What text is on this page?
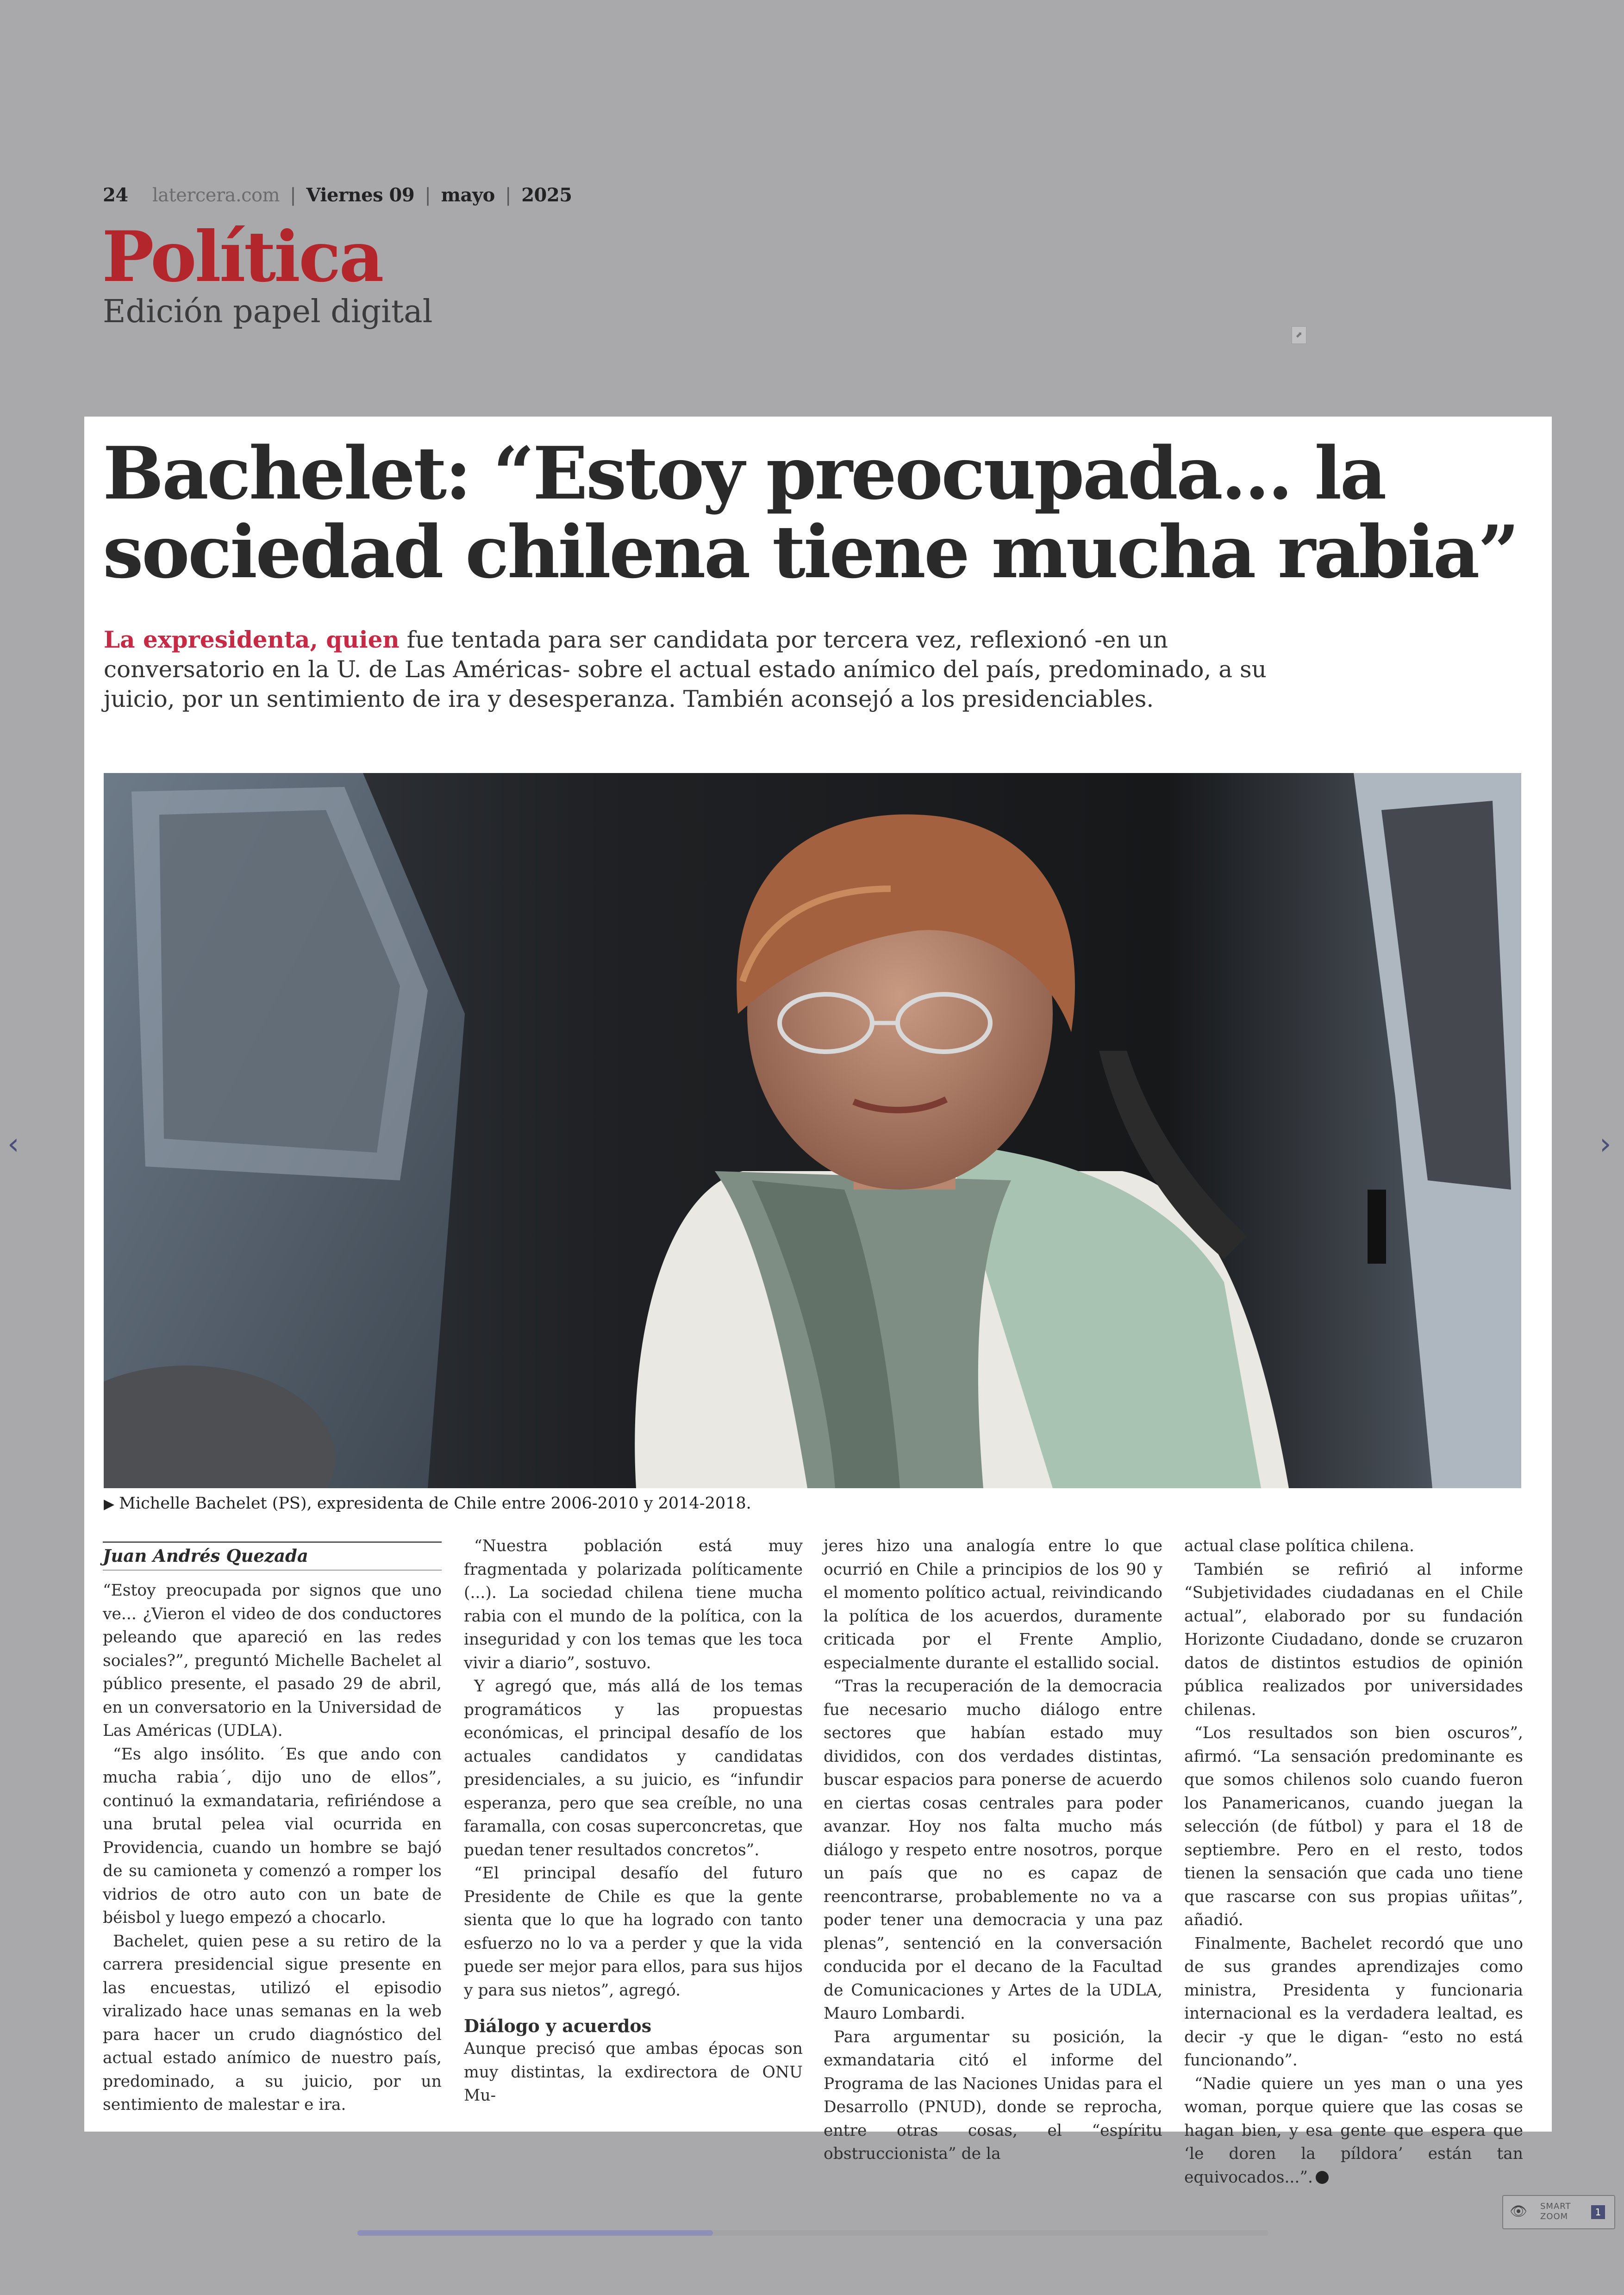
24 latercera.com | Viernes 09 | mayo | 2025
Política
Edición papel digital
⬈
Bachelet: “Estoy preocupada... la
sociedad chilena tiene mucha rabia”

La expresidenta, quien fue tentada para ser candidata por tercera vez, reflexionó -en un conversatorio en la U. de Las Américas- sobre el actual estado anímico del país, predominado, a su juicio, por un sentimiento de ira y desesperanza. También aconsejó a los presidenciables.

▶ Michelle Bachelet (PS), expresidenta de Chile entre 2006-2010 y 2014-2018.

Juan Andrés Quezada

“Estoy preocupada por signos que uno ve... ¿Vieron el video de dos conductores peleando que apareció en las redes sociales?”, preguntó Michelle Bachelet al público presente, el pasado 29 de abril, en un conversatorio en la Universidad de Las Américas (UDLA).

“Es algo insólito. ´Es que ando con mucha rabia´, dijo uno de ellos”, continuó la exmandataria, refiriéndose a una brutal pelea vial ocurrida en Providencia, cuando un hombre se bajó de su camioneta y comenzó a romper los vidrios de otro auto con un bate de béisbol y luego empezó a chocarlo.

Bachelet, quien pese a su retiro de la carrera presidencial sigue presente en las encuestas, utilizó el episodio viralizado hace unas semanas en la web para hacer un crudo diagnóstico del actual estado anímico de nuestro país, predominado, a su juicio, por un sentimiento de malestar e ira.

“Nuestra población está muy fragmentada y polarizada políticamente (...). La sociedad chilena tiene mucha rabia con el mundo de la política, con la inseguridad y con los temas que les toca vivir a diario”, sostuvo.

Y agregó que, más allá de los temas programáticos y las propuestas económicas, el principal desafío de los actuales candidatos y candidatas presidenciales, a su juicio, es “infundir esperanza, pero que sea creíble, no una faramalla, con cosas superconcretas, que puedan tener resultados concretos”.

“El principal desafío del futuro Presidente de Chile es que la gente sienta que lo que ha logrado con tanto esfuerzo no lo va a perder y que la vida puede ser mejor para ellos, para sus hijos y para sus nietos”, agregó.

Diálogo y acuerdos

Aunque precisó que ambas épocas son muy distintas, la exdirectora de ONU Mu-

jeres hizo una analogía entre lo que ocurrió en Chile a principios de los 90 y el momento político actual, reivindicando la política de los acuerdos, duramente criticada por el Frente Amplio, especialmente durante el estallido social.

“Tras la recuperación de la democracia fue necesario mucho diálogo entre sectores que habían estado muy divididos, con dos verdades distintas, buscar espacios para ponerse de acuerdo en ciertas cosas centrales para poder avanzar. Hoy nos falta mucho más diálogo y respeto entre nosotros, porque un país que no es capaz de reencontrarse, probablemente no va a poder tener una democracia y una paz plenas”, sentenció en la conversación conducida por el decano de la Facultad de Comunicaciones y Artes de la UDLA, Mauro Lombardi.

Para argumentar su posición, la exmandataria citó el informe del Programa de las Naciones Unidas para el Desarrollo (PNUD), donde se reprocha, entre otras cosas, el “espíritu obstruccionista” de la

actual clase política chilena.

También se refirió al informe “Subjetividades ciudadanas en el Chile actual”, elaborado por su fundación Horizonte Ciudadano, donde se cruzaron datos de distintos estudios de opinión pública realizados por universidades chilenas.

“Los resultados son bien oscuros”, afirmó. “La sensación predominante es que somos chilenos solo cuando fueron los Panamericanos, cuando juegan la selección (de fútbol) y para el 18 de septiembre. Pero en el resto, todos tienen la sensación que cada uno tiene que rascarse con sus propias uñitas”, añadió.

Finalmente, Bachelet recordó que uno de sus grandes aprendizajes como ministra, Presidenta y funcionaria internacional es la verdadera lealtad, es decir -y que le digan- “esto no está funcionando”.

“Nadie quiere un yes man o una yes woman, porque quiere que las cosas se hagan bien, y esa gente que espera que ‘le doren la píldora’ están tan equivocados...”.

‹	›
👁 SMART
ZOOM	1
